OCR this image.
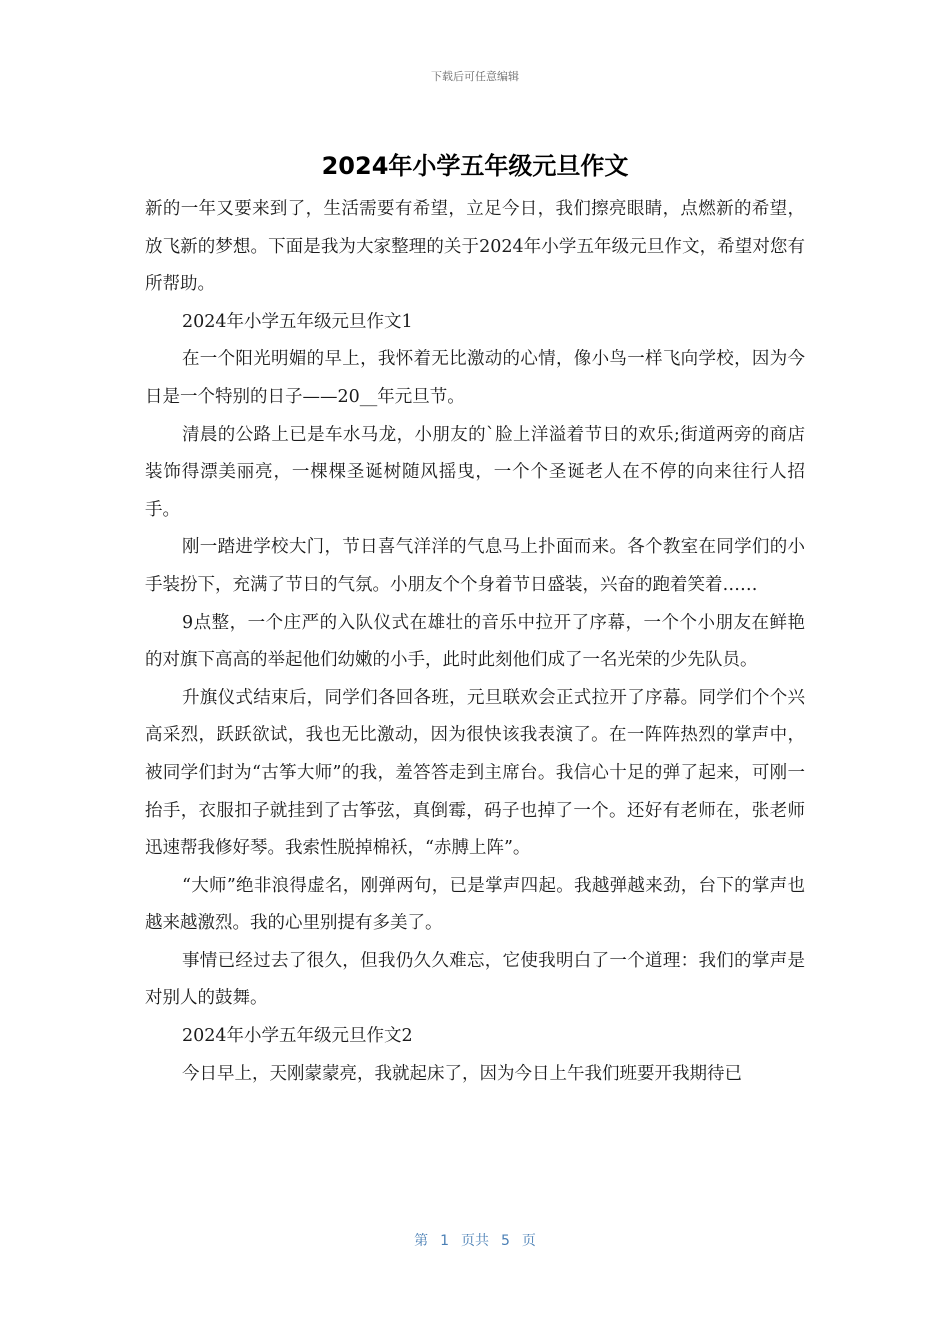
下载后可任意编辑
2024年小学五年级元旦作文

新的一年又要来到了，生活需要有希望，立足今日，我们擦亮眼睛，点燃新的希望，放飞新的梦想。下面是我为大家整理的关于2024年小学五年级元旦作文，希望对您有所帮助。

2024年小学五年级元旦作文1

在一个阳光明媚的早上，我怀着无比激动的心情，像小鸟一样飞向学校，因为今日是一个特别的日子——20__年元旦节。

清晨的公路上已是车水马龙，小朋友的`脸上洋溢着节日的欢乐;街道两旁的商店装饰得漂美丽亮，一棵棵圣诞树随风摇曳，一个个圣诞老人在不停的向来往行人招手。

刚一踏进学校大门，节日喜气洋洋的气息马上扑面而来。各个教室在同学们的小手装扮下，充满了节日的气氛。小朋友个个身着节日盛装，兴奋的跑着笑着……

9点整，一个庄严的入队仪式在雄壮的音乐中拉开了序幕，一个个小朋友在鲜艳的对旗下高高的举起他们幼嫩的小手，此时此刻他们成了一名光荣的少先队员。

升旗仪式结束后，同学们各回各班，元旦联欢会正式拉开了序幕。同学们个个兴高采烈，跃跃欲试，我也无比激动，因为很快该我表演了。在一阵阵热烈的掌声中，被同学们封为“古筝大师”的我，羞答答走到主席台。我信心十足的弹了起来，可刚一抬手，衣服扣子就挂到了古筝弦，真倒霉，码子也掉了一个。还好有老师在，张老师迅速帮我修好琴。我索性脱掉棉袄，“赤膊上阵”。

“大师”绝非浪得虚名，刚弹两句，已是掌声四起。我越弹越来劲，台下的掌声也越来越激烈。我的心里别提有多美了。

事情已经过去了很久，但我仍久久难忘，它使我明白了一个道理：我们的掌声是对别人的鼓舞。

2024年小学五年级元旦作文2

今日早上，天刚蒙蒙亮，我就起床了，因为今日上午我们班要开我期待已

第 1 页共 5 页
